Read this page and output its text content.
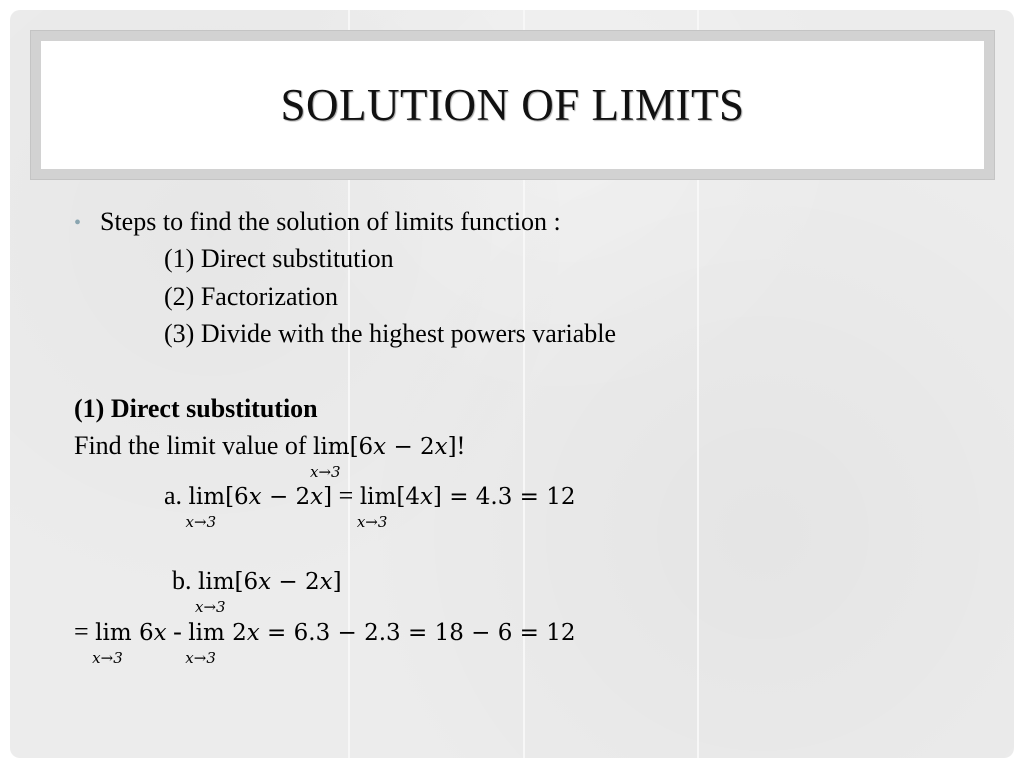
SOLUTION OF LIMITS
• Steps to find the solution of limits function :
(1) Direct substitution
(2) Factorization
(3) Divide with the highest powers variable
(1) Direct substitution
Find the limit value of lim
x→3
[6𝑥 − 2𝑥]!
a. lim
x→3
[6𝑥 − 2𝑥] = lim
x→3
[4𝑥] = 4.3 = 12
b. lim
x→3
[6𝑥 − 2𝑥]
= lim
x→3
6𝑥 - lim
x→3
2𝑥 = 6.3 − 2.3 = 18 − 6 = 12
